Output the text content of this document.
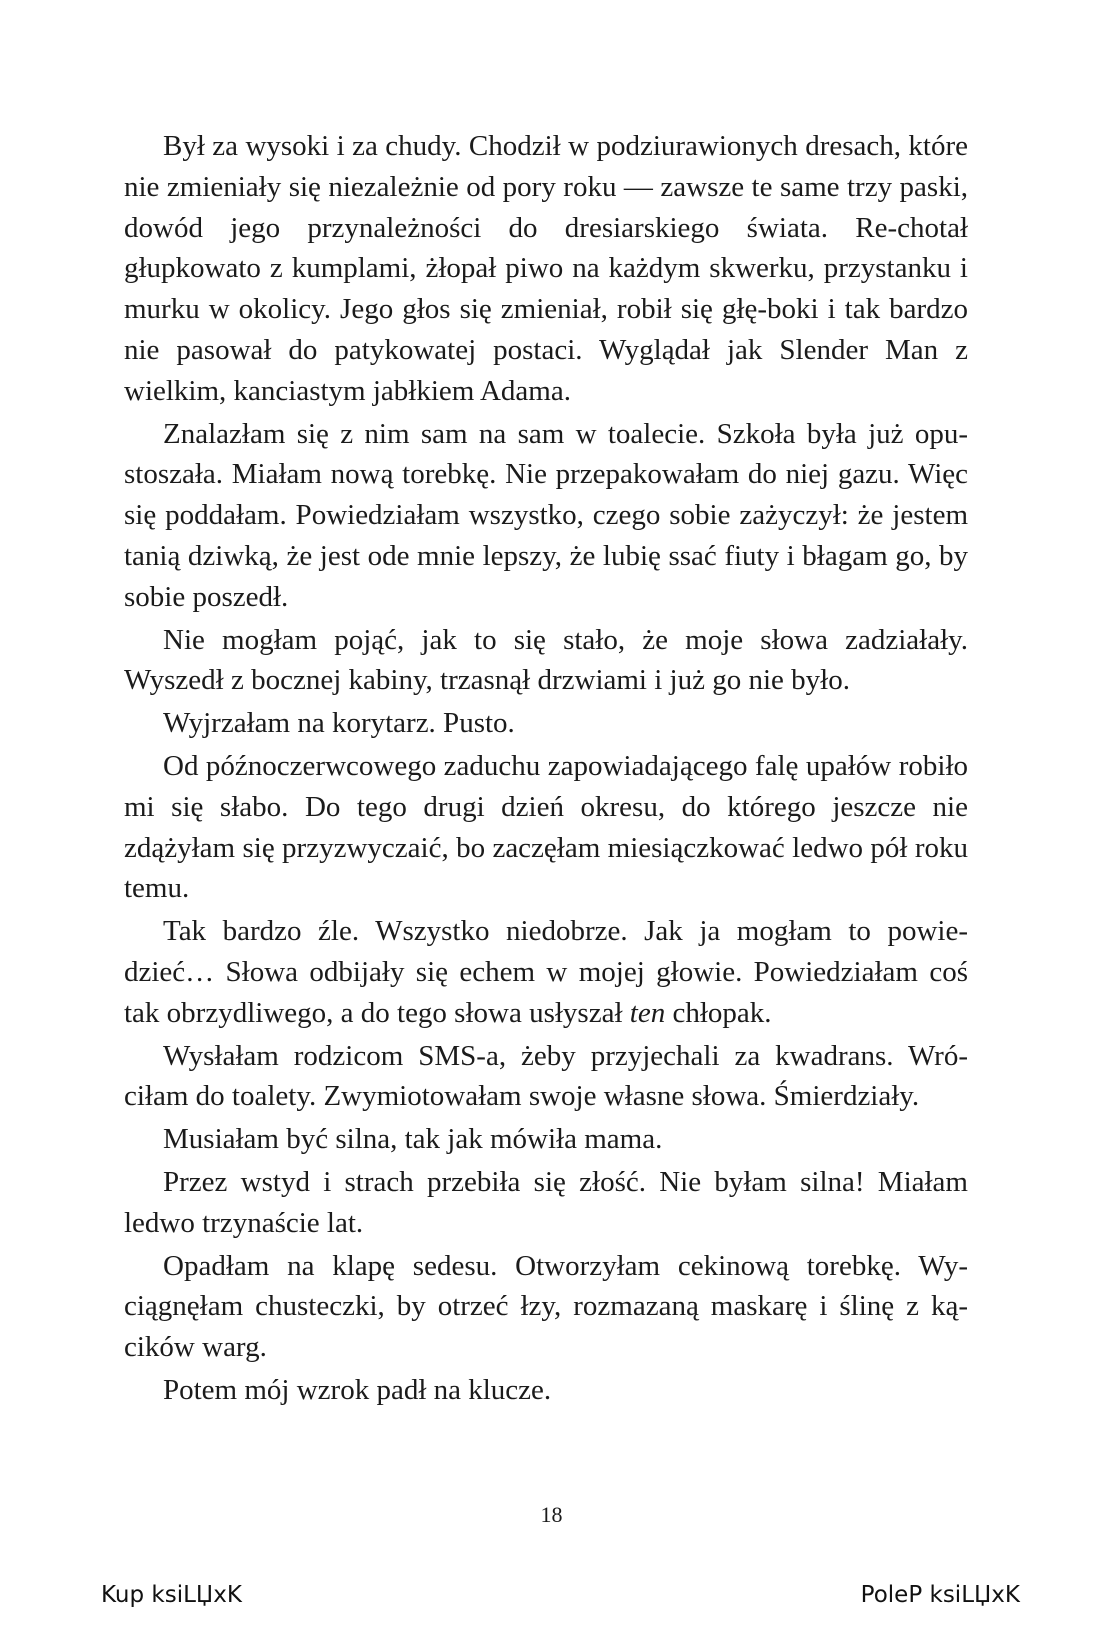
Był za wysoki i za chudy. Chodził w podziurawionych dresach, które nie zmieniały się niezależnie od pory roku — zawsze te same trzy paski, dowód jego przynależności do dresiarskiego świata. Re-chotał głupkowato z kumplami, żłopał piwo na każdym skwerku, przystanku i murku w okolicy. Jego głos się zmieniał, robił się głę-boki i tak bardzo nie pasował do patykowatej postaci. Wyglądał jak Slender Man z wielkim, kanciastym jabłkiem Adama.

Znalazłam się z nim sam na sam w toalecie. Szkoła była już opu-stoszała. Miałam nową torebkę. Nie przepakowałam do niej gazu. Więc się poddałam. Powiedziałam wszystko, czego sobie zażyczył: że jestem tanią dziwką, że jest ode mnie lepszy, że lubię ssać fiuty i błagam go, by sobie poszedł.

Nie mogłam pojąć, jak to się stało, że moje słowa zadziałały. Wyszedł z bocznej kabiny, trzasnął drzwiami i już go nie było.

Wyjrzałam na korytarz. Pusto.

Od późnoczerwcowego zaduchu zapowiadającego falę upałów robiło mi się słabo. Do tego drugi dzień okresu, do którego jeszcze nie zdążyłam się przyzwyczaić, bo zaczęłam miesiączkować ledwo pół roku temu.

Tak bardzo źle. Wszystko niedobrze. Jak ja mogłam to powie-dzieć… Słowa odbijały się echem w mojej głowie. Powiedziałam coś tak obrzydliwego, a do tego słowa usłyszał ten chłopak.

Wysłałam rodzicom SMS-a, żeby przyjechali za kwadrans. Wró-ciłam do toalety. Zwymiotowałam swoje własne słowa. Śmierdziały.

Musiałam być silna, tak jak mówiła mama.

Przez wstyd i strach przebiła się złość. Nie byłam silna! Miałam ledwo trzynaście lat.

Opadłam na klapę sedesu. Otworzyłam cekinową torebkę. Wy-ciągnęłam chusteczki, by otrzeć łzy, rozmazaną maskarę i ślinę z ką-cików warg.

Potem mój wzrok padł na klucze.

18
Kup ksiLЏxK	PoleP ksiLЏxK
